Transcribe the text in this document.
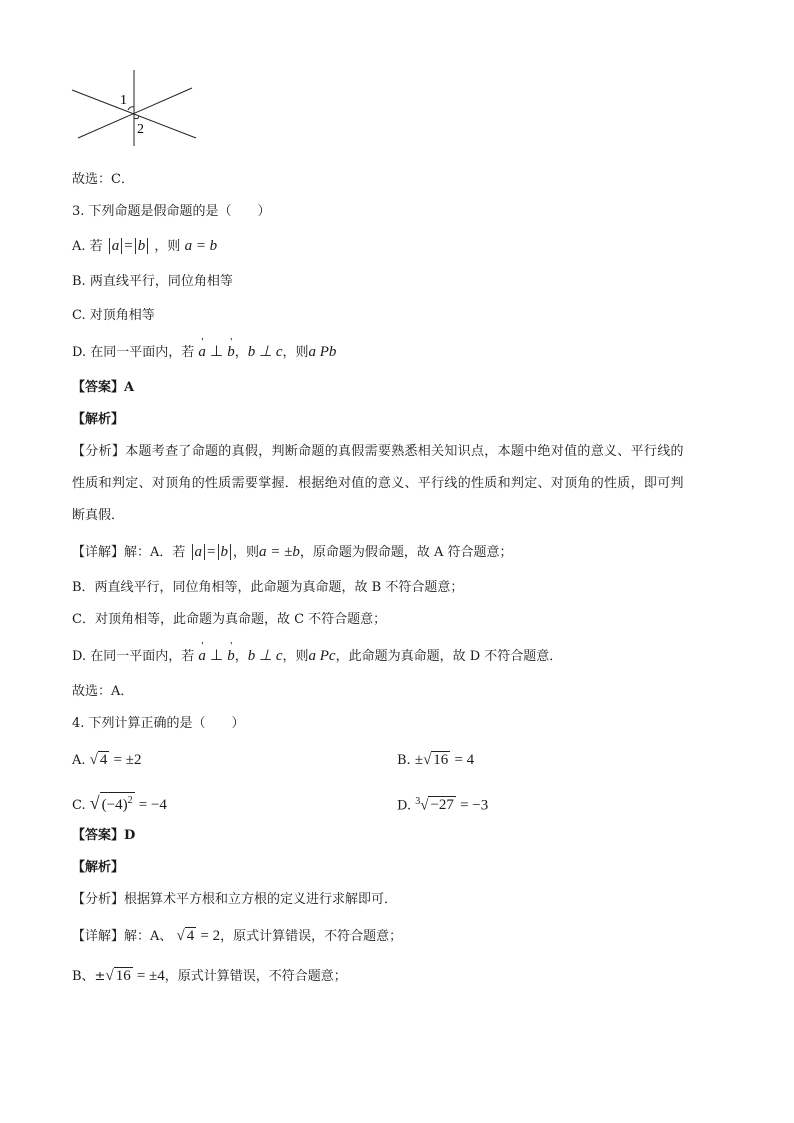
1
2
故选：C．
3. 下列命题是假命题的是（　　）
A. 若 a = b ，则 a = b
B. 两直线平行，同位角相等
C. 对顶角相等
D. 在同一平面内，若 ' a ⊥ ' b，b ⊥ c，则a Pb
【答案】A
【解析】
【分析】本题考查了命题的真假，判断命题的真假需要熟悉相关知识点，本题中绝对值的意义、平行线的
性质和判定、对顶角的性质需要掌握．根据绝对值的意义、平行线的性质和判定、对顶角的性质，即可判
断真假．
【详解】解：A．若 a = b ，则a = ±b，原命题为假命题，故 A 符合题意；
B．两直线平行，同位角相等，此命题为真命题，故 B 不符合题意；
C．对顶角相等，此命题为真命题，故 C 不符合题意；
D. 在同一平面内，若 ' a ⊥ ' b，b ⊥ c，则a Pc，此命题为真命题，故 D 不符合题意．
故选：A．
4. 下列计算正确的是（　　）
A. √ 4 = ±2	B. ±√ 16 = 4
C. √ $(-4)^2 = -4$	D. $^3$√ −27 = −3
【答案】D
【解析】
【分析】根据算术平方根和立方根的定义进行求解即可．
【详解】解：A、 √ 4 = 2，原式计算错误，不符合题意；
B、±√ 16 = ±4，原式计算错误，不符合题意；
